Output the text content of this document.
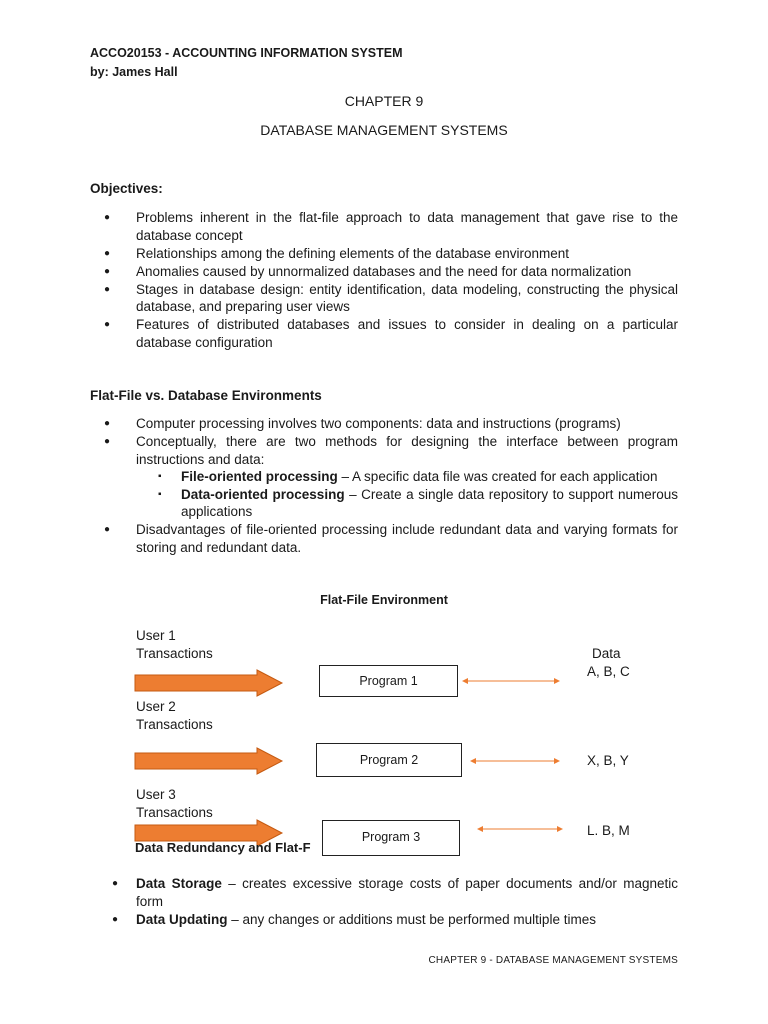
ACCO20153 - ACCOUNTING INFORMATION SYSTEM
by: James Hall
CHAPTER 9
DATABASE MANAGEMENT SYSTEMS
Objectives:
● Problems inherent in the flat-file approach to data management that gave rise to the database concept
● Relationships among the defining elements of the database environment
● Anomalies caused by unnormalized databases and the need for data normalization
● Stages in database design: entity identification, data modeling, constructing the physical database, and preparing user views
● Features of distributed databases and issues to consider in dealing on a particular database configuration
Flat-File vs. Database Environments
● Computer processing involves two components: data and instructions (programs)
● Conceptually, there are two methods for designing the interface between program instructions and data:
▪ File-oriented processing – A specific data file was created for each application
▪ Data-oriented processing – Create a single data repository to support numerous applications
● Disadvantages of file-oriented processing include redundant data and varying formats for storing and redundant data.
Flat-File Environment
User 1
Transactions
User 2
Transactions
User 3
Transactions
Data Redundancy and Flat-F
Program 1
Program 2
Program 3
Data
A, B, C
X, B, Y
L. B, M
● Data Storage – creates excessive storage costs of paper documents and/or magnetic form
● Data Updating – any changes or additions must be performed multiple times
CHAPTER 9 - DATABASE MANAGEMENT SYSTEMS
